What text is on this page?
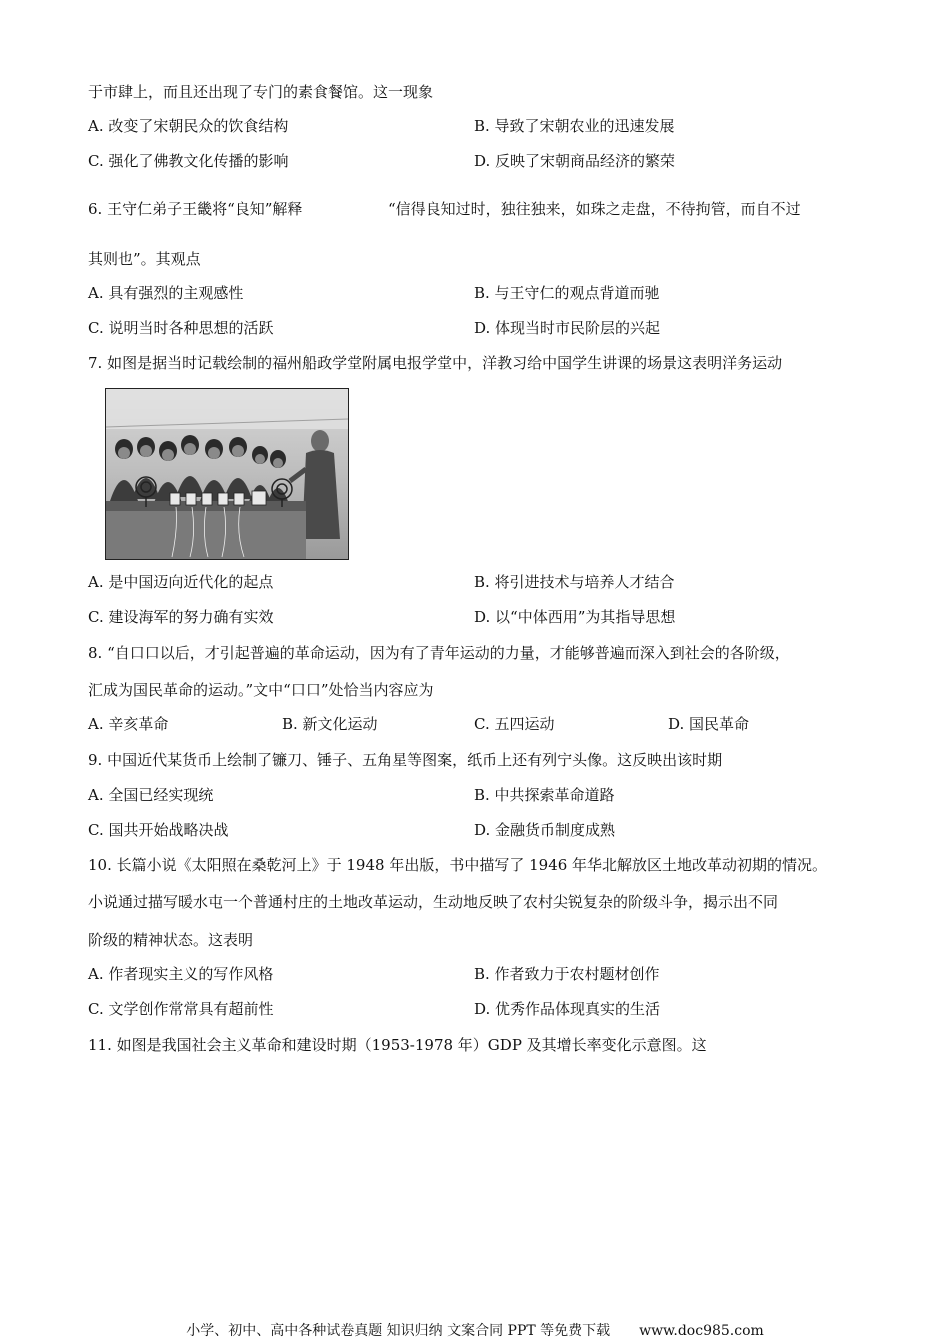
于市肆上，而且还出现了专门的素食餐馆。这一现象
A. 改变了宋朝民众的饮食结构	B. 导致了宋朝农业的迅速发展
C. 强化了佛教文化传播的影响	D. 反映了宋朝商品经济的繁荣
6. 王守仁弟子王畿将“良知”解释	“信得良知过时，独往独来，如珠之走盘，不待拘管，而自不过
其则也”。其观点
A. 具有强烈的主观感性	B. 与王守仁的观点背道而驰
C. 说明当时各种思想的活跃	D. 体现当时市民阶层的兴起
7. 如图是据当时记载绘制的福州船政学堂附属电报学堂中，洋教习给中国学生讲课的场景这表明洋务运动
A. 是中国迈向近代化的起点	B. 将引进技术与培养人才结合
C. 建设海军的努力确有实效	D. 以“中体西用”为其指导思想
8. “自口口以后，才引起普遍的革命运动，因为有了青年运动的力量，才能够普遍而深入到社会的各阶级，
汇成为国民革命的运动。”文中“口口”处恰当内容应为
A. 辛亥革命	B. 新文化运动	C. 五四运动	D. 国民革命
9. 中国近代某货币上绘制了镰刀、锤子、五角星等图案，纸币上还有列宁头像。这反映出该时期
A. 全国已经实现统	B. 中共探索革命道路
C. 国共开始战略决战	D. 金融货币制度成熟
10. 长篇小说《太阳照在桑乾河上》于 1948 年出版，书中描写了 1946 年华北解放区土地改革动初期的情况。
小说通过描写暖水屯一个普通村庄的土地改革运动，生动地反映了农村尖锐复杂的阶级斗争，揭示出不同
阶级的精神状态。这表明
A. 作者现实主义的写作风格	B. 作者致力于农村题材创作
C. 文学创作常常具有超前性	D. 优秀作品体现真实的生活
11. 如图是我国社会主义革命和建设时期（1953-1978 年）GDP 及其增长率变化示意图。这
小学、初中、高中各种试卷真题 知识归纳 文案合同 PPT 等免费下载 www.doc985.com
